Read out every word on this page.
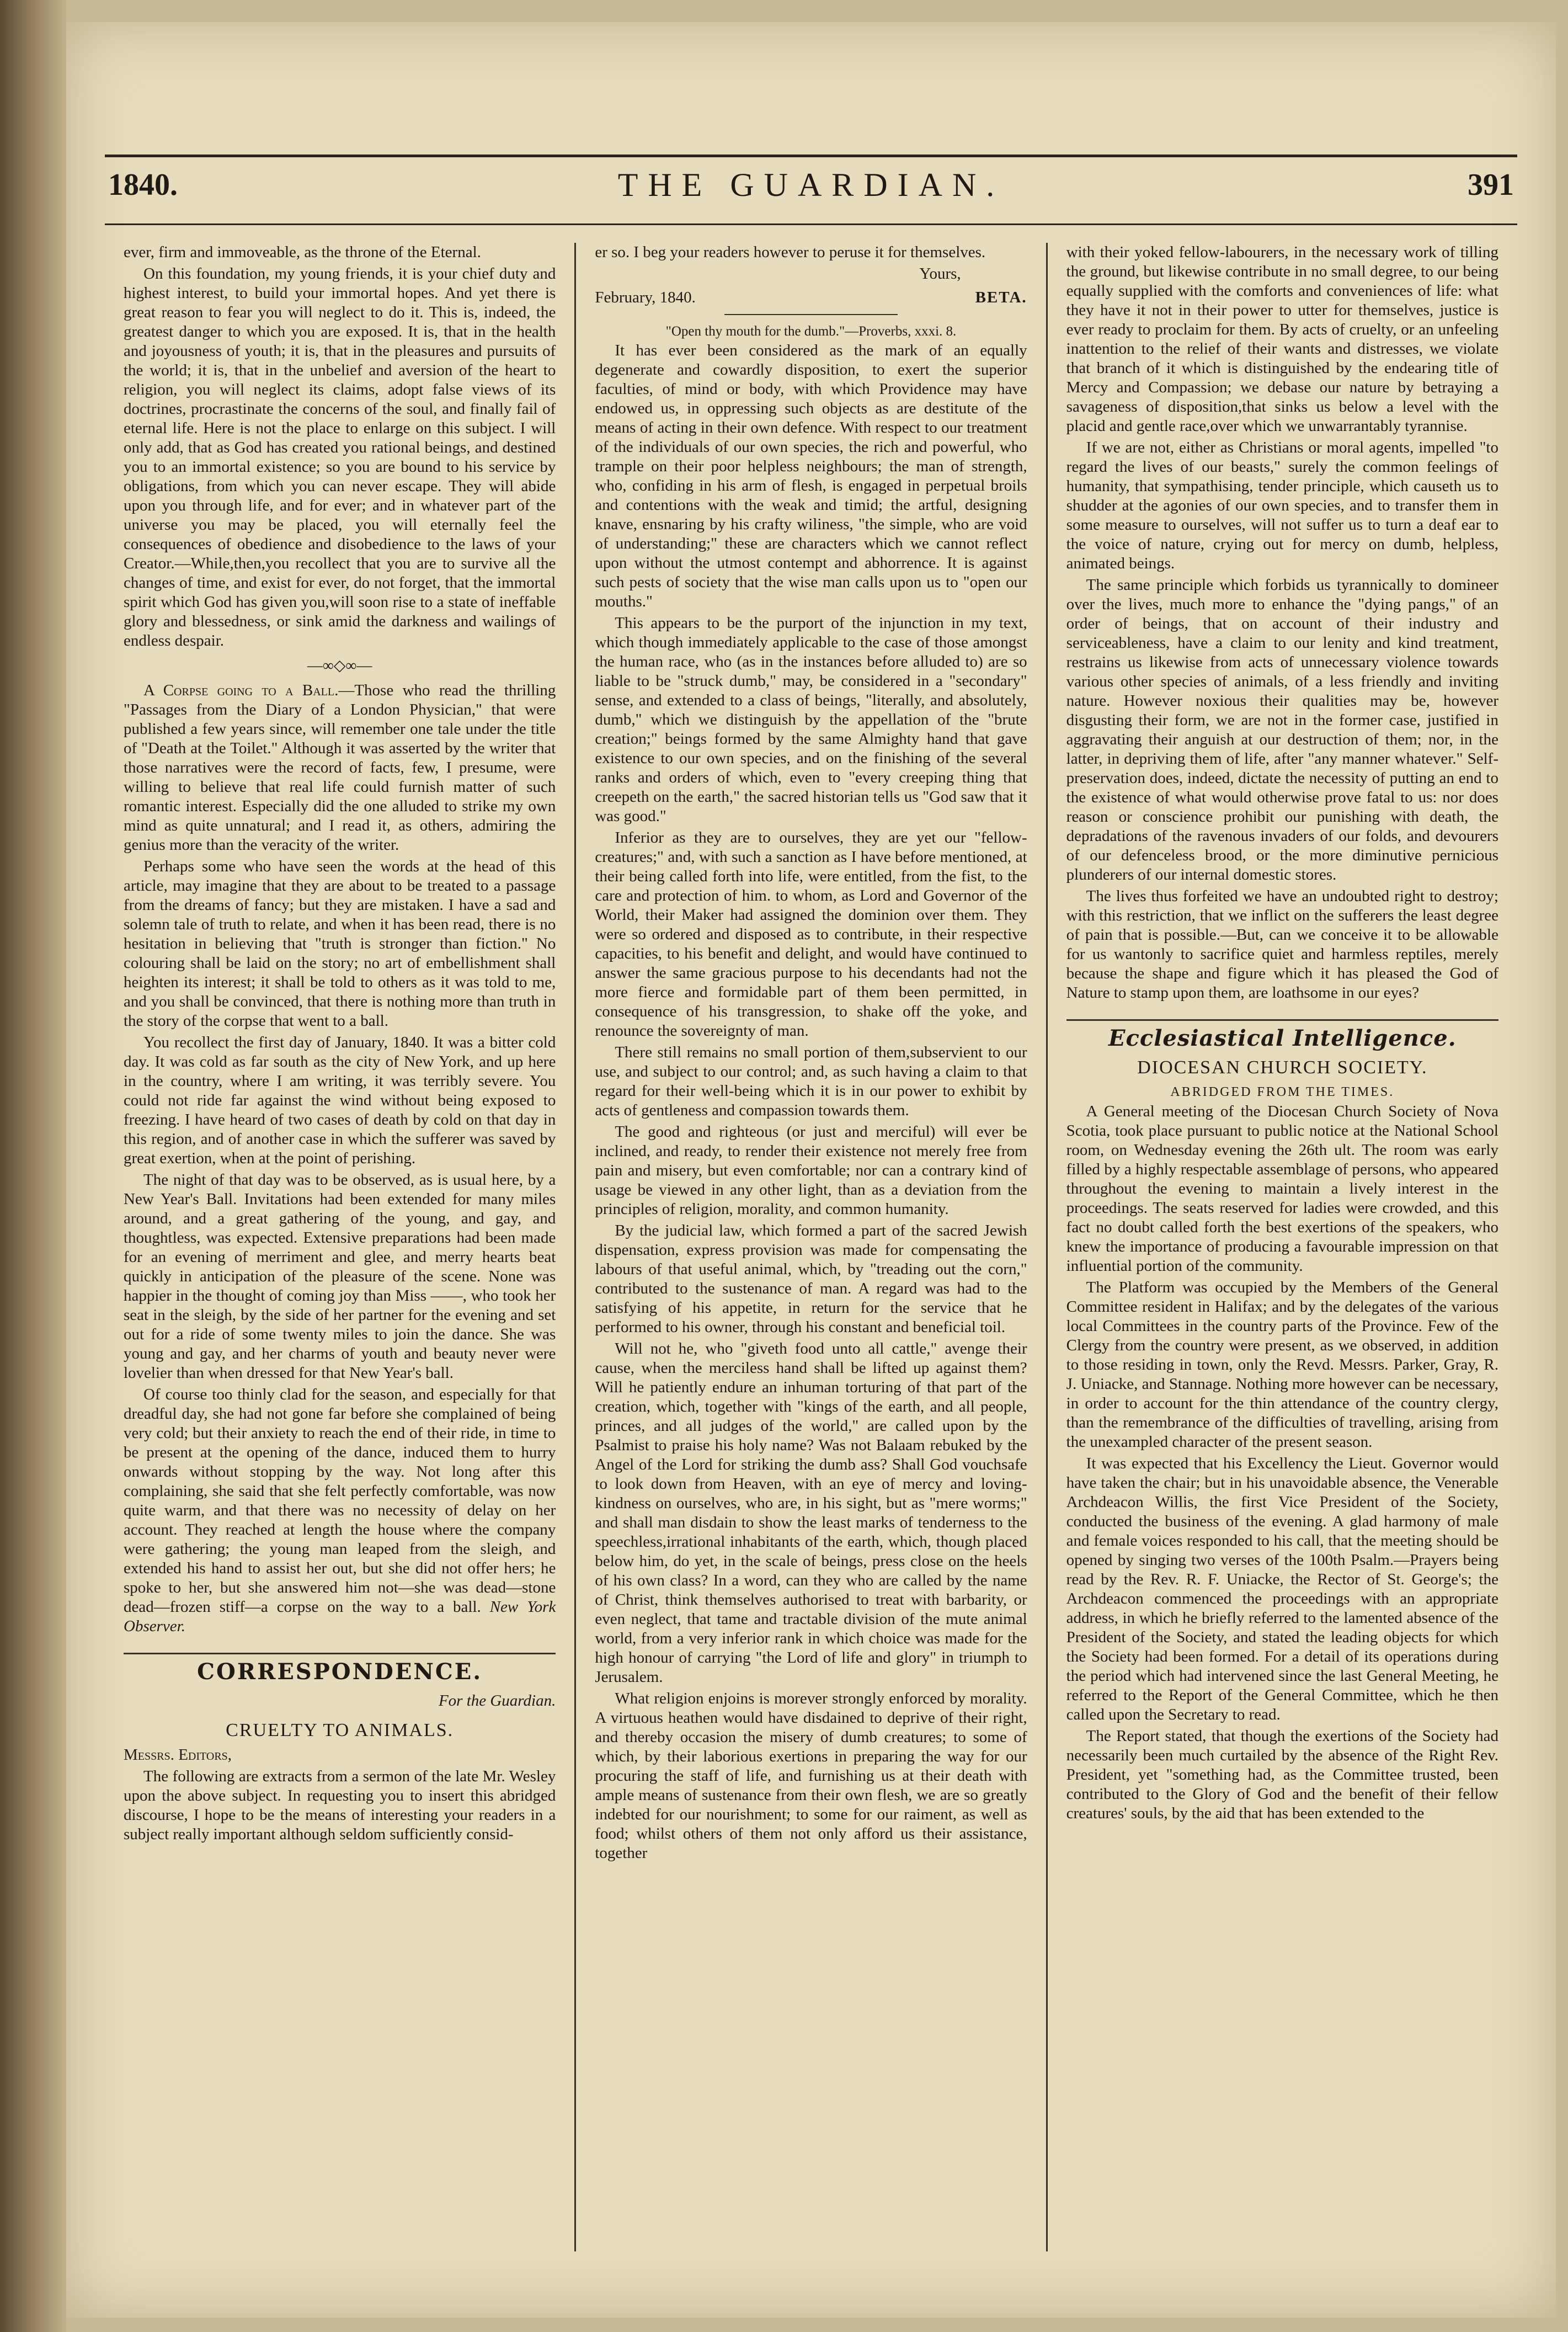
1840.	THE GUARDIAN.	391

ever, firm and immoveable, as the throne of the Eternal.

On this foundation, my young friends, it is your chief duty and highest interest, to build your immortal hopes. And yet there is great reason to fear you will neglect to do it. This is, indeed, the greatest danger to which you are exposed. It is, that in the health and joyousness of youth; it is, that in the pleasures and pursuits of the world; it is, that in the unbelief and aversion of the heart to religion, you will neglect its claims, adopt false views of its doctrines, procrastinate the concerns of the soul, and finally fail of eternal life. Here is not the place to enlarge on this subject. I will only add, that as God has created you rational beings, and destined you to an immortal existence; so you are bound to his service by obligations, from which you can never escape. They will abide upon you through life, and for ever; and in whatever part of the universe you may be placed, you will eternally feel the consequences of obedience and disobedience to the laws of your Creator.—While,then,you recollect that you are to survive all the changes of time, and exist for ever, do not forget, that the immortal spirit which God has given you,will soon rise to a state of ineffable glory and blessedness, or sink amid the darkness and wailings of endless despair.

—∞◇∞—

A Corpse going to a Ball.—Those who read the thrilling "Passages from the Diary of a London Physician," that were published a few years since, will remember one tale under the title of "Death at the Toilet." Although it was asserted by the writer that those narratives were the record of facts, few, I presume, were willing to believe that real life could furnish matter of such romantic interest. Especially did the one alluded to strike my own mind as quite unnatural; and I read it, as others, admiring the genius more than the veracity of the writer.

Perhaps some who have seen the words at the head of this article, may imagine that they are about to be treated to a passage from the dreams of fancy; but they are mistaken. I have a sad and solemn tale of truth to relate, and when it has been read, there is no hesitation in believing that "truth is stronger than fiction." No colouring shall be laid on the story; no art of embellishment shall heighten its interest; it shall be told to others as it was told to me, and you shall be convinced, that there is nothing more than truth in the story of the corpse that went to a ball.

You recollect the first day of January, 1840. It was a bitter cold day. It was cold as far south as the city of New York, and up here in the country, where I am writing, it was terribly severe. You could not ride far against the wind without being exposed to freezing. I have heard of two cases of death by cold on that day in this region, and of another case in which the sufferer was saved by great exertion, when at the point of perishing.

The night of that day was to be observed, as is usual here, by a New Year's Ball. Invitations had been extended for many miles around, and a great gathering of the young, and gay, and thoughtless, was expected. Extensive preparations had been made for an evening of merriment and glee, and merry hearts beat quickly in anticipation of the pleasure of the scene. None was happier in the thought of coming joy than Miss ——, who took her seat in the sleigh, by the side of her partner for the evening and set out for a ride of some twenty miles to join the dance. She was young and gay, and her charms of youth and beauty never were lovelier than when dressed for that New Year's ball.

Of course too thinly clad for the season, and especially for that dreadful day, she had not gone far before she complained of being very cold; but their anxiety to reach the end of their ride, in time to be present at the opening of the dance, induced them to hurry onwards without stopping by the way. Not long after this complaining, she said that she felt perfectly comfortable, was now quite warm, and that there was no necessity of delay on her account. They reached at length the house where the company were gathering; the young man leaped from the sleigh, and extended his hand to assist her out, but she did not offer hers; he spoke to her, but she answered him not—she was dead—stone dead—frozen stiff—a corpse on the way to a ball. New York Observer.

CORRESPONDENCE.
For the Guardian.
CRUELTY TO ANIMALS.

Messrs. Editors,

The following are extracts from a sermon of the late Mr. Wesley upon the above subject. In requesting you to insert this abridged discourse, I hope to be the means of interesting your readers in a subject really important although seldom sufficiently consid-

er so. I beg your readers however to peruse it for themselves.

Yours,
February, 1840.	BETA.
"Open thy mouth for the dumb."—Proverbs, xxxi. 8.

It has ever been considered as the mark of an equally degenerate and cowardly disposition, to exert the superior faculties, of mind or body, with which Providence may have endowed us, in oppressing such objects as are destitute of the means of acting in their own defence. With respect to our treatment of the individuals of our own species, the rich and powerful, who trample on their poor helpless neighbours; the man of strength, who, confiding in his arm of flesh, is engaged in perpetual broils and contentions with the weak and timid; the artful, designing knave, ensnaring by his crafty wiliness, "the simple, who are void of understanding;" these are characters which we cannot reflect upon without the utmost contempt and abhorrence. It is against such pests of society that the wise man calls upon us to "open our mouths."

This appears to be the purport of the injunction in my text, which though immediately applicable to the case of those amongst the human race, who (as in the instances before alluded to) are so liable to be "struck dumb," may, be considered in a "secondary" sense, and extended to a class of beings, "literally, and absolutely, dumb," which we distinguish by the appellation of the "brute creation;" beings formed by the same Almighty hand that gave existence to our own species, and on the finishing of the several ranks and orders of which, even to "every creeping thing that creepeth on the earth," the sacred historian tells us "God saw that it was good."

Inferior as they are to ourselves, they are yet our "fellow-creatures;" and, with such a sanction as I have before mentioned, at their being called forth into life, were entitled, from the fist, to the care and protection of him. to whom, as Lord and Governor of the World, their Maker had assigned the dominion over them. They were so ordered and disposed as to contribute, in their respective capacities, to his benefit and delight, and would have continued to answer the same gracious purpose to his decendants had not the more fierce and formidable part of them been permitted, in consequence of his transgression, to shake off the yoke, and renounce the sovereignty of man.

There still remains no small portion of them,subservient to our use, and subject to our control; and, as such having a claim to that regard for their well-being which it is in our power to exhibit by acts of gentleness and compassion towards them.

The good and righteous (or just and merciful) will ever be inclined, and ready, to render their existence not merely free from pain and misery, but even comfortable; nor can a contrary kind of usage be viewed in any other light, than as a deviation from the principles of religion, morality, and common humanity.

By the judicial law, which formed a part of the sacred Jewish dispensation, express provision was made for compensating the labours of that useful animal, which, by "treading out the corn," contributed to the sustenance of man. A regard was had to the satisfying of his appetite, in return for the service that he performed to his owner, through his constant and beneficial toil.

Will not he, who "giveth food unto all cattle," avenge their cause, when the merciless hand shall be lifted up against them? Will he patiently endure an inhuman torturing of that part of the creation, which, together with "kings of the earth, and all people, princes, and all judges of the world," are called upon by the Psalmist to praise his holy name? Was not Balaam rebuked by the Angel of the Lord for striking the dumb ass? Shall God vouchsafe to look down from Heaven, with an eye of mercy and loving-kindness on ourselves, who are, in his sight, but as "mere worms;" and shall man disdain to show the least marks of tenderness to the speechless,irrational inhabitants of the earth, which, though placed below him, do yet, in the scale of beings, press close on the heels of his own class? In a word, can they who are called by the name of Christ, think themselves authorised to treat with barbarity, or even neglect, that tame and tractable division of the mute animal world, from a very inferior rank in which choice was made for the high honour of carrying "the Lord of life and glory" in triumph to Jerusalem.

What religion enjoins is morever strongly enforced by morality. A virtuous heathen would have disdained to deprive of their right, and thereby occasion the misery of dumb creatures; to some of which, by their laborious exertions in preparing the way for our procuring the staff of life, and furnishing us at their death with ample means of sustenance from their own flesh, we are so greatly indebted for our nourishment; to some for our raiment, as well as food; whilst others of them not only afford us their assistance, together

with their yoked fellow-labourers, in the necessary work of tilling the ground, but likewise contribute in no small degree, to our being equally supplied with the comforts and conveniences of life: what they have it not in their power to utter for themselves, justice is ever ready to proclaim for them. By acts of cruelty, or an unfeeling inattention to the relief of their wants and distresses, we violate that branch of it which is distinguished by the endearing title of Mercy and Compassion; we debase our nature by betraying a savageness of disposition,that sinks us below a level with the placid and gentle race,over which we unwarrantably tyrannise.

If we are not, either as Christians or moral agents, impelled "to regard the lives of our beasts," surely the common feelings of humanity, that sympathising, tender principle, which causeth us to shudder at the agonies of our own species, and to transfer them in some measure to ourselves, will not suffer us to turn a deaf ear to the voice of nature, crying out for mercy on dumb, helpless, animated beings.

The same principle which forbids us tyrannically to domineer over the lives, much more to enhance the "dying pangs," of an order of beings, that on account of their industry and serviceableness, have a claim to our lenity and kind treatment, restrains us likewise from acts of unnecessary violence towards various other species of animals, of a less friendly and inviting nature. However noxious their qualities may be, however disgusting their form, we are not in the former case, justified in aggravating their anguish at our destruction of them; nor, in the latter, in depriving them of life, after "any manner whatever." Self-preservation does, indeed, dictate the necessity of putting an end to the existence of what would otherwise prove fatal to us: nor does reason or conscience prohibit our punishing with death, the depradations of the ravenous invaders of our folds, and devourers of our defenceless brood, or the more diminutive pernicious plunderers of our internal domestic stores.

The lives thus forfeited we have an undoubted right to destroy; with this restriction, that we inflict on the sufferers the least degree of pain that is possible.—But, can we conceive it to be allowable for us wantonly to sacrifice quiet and harmless reptiles, merely because the shape and figure which it has pleased the God of Nature to stamp upon them, are loathsome in our eyes?

Ecclesiastical Intelligence.
DIOCESAN CHURCH SOCIETY.
ABRIDGED FROM THE TIMES.

A General meeting of the Diocesan Church Society of Nova Scotia, took place pursuant to public notice at the National School room, on Wednesday evening the 26th ult. The room was early filled by a highly respectable assemblage of persons, who appeared throughout the evening to maintain a lively interest in the proceedings. The seats reserved for ladies were crowded, and this fact no doubt called forth the best exertions of the speakers, who knew the importance of producing a favourable impression on that influential portion of the community.

The Platform was occupied by the Members of the General Committee resident in Halifax; and by the delegates of the various local Committees in the country parts of the Province. Few of the Clergy from the country were present, as we observed, in addition to those residing in town, only the Revd. Messrs. Parker, Gray, R. J. Uniacke, and Stannage. Nothing more however can be necessary, in order to account for the thin attendance of the country clergy, than the remembrance of the difficulties of travelling, arising from the unexampled character of the present season.

It was expected that his Excellency the Lieut. Governor would have taken the chair; but in his unavoidable absence, the Venerable Archdeacon Willis, the first Vice President of the Society, conducted the business of the evening. A glad harmony of male and female voices responded to his call, that the meeting should be opened by singing two verses of the 100th Psalm.—Prayers being read by the Rev. R. F. Uniacke, the Rector of St. George's; the Archdeacon commenced the proceedings with an appropriate address, in which he briefly referred to the lamented absence of the President of the Society, and stated the leading objects for which the Society had been formed. For a detail of its operations during the period which had intervened since the last General Meeting, he referred to the Report of the General Committee, which he then called upon the Secretary to read.

The Report stated, that though the exertions of the Society had necessarily been much curtailed by the absence of the Right Rev. President, yet "something had, as the Committee trusted, been contributed to the Glory of God and the benefit of their fellow creatures' souls, by the aid that has been extended to the
